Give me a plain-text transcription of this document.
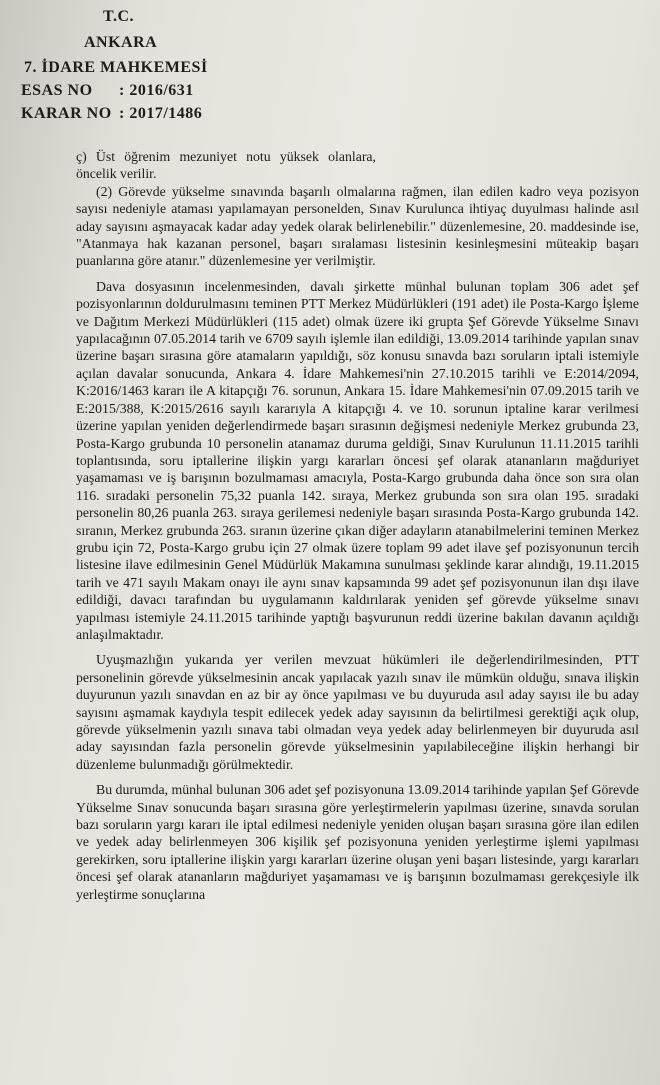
T.C.
ANKARA
7. İDARE MAHKEMESİ
ESAS NO	: 2016/631
KARAR NO : 2017/1486

ç) Üst öğrenim mezuniyet notu yüksek olanlara, öncelik verilir.

(2) Görevde yükselme sınavında başarılı olmalarına rağmen, ilan edilen kadro veya pozisyon sayısı nedeniyle ataması yapılamayan personelden, Sınav Kurulunca ihtiyaç duyulması halinde asıl aday sayısını aşmayacak kadar aday yedek olarak belirlenebilir." düzenlemesine, 20. maddesinde ise, "Atanmaya hak kazanan personel, başarı sıralaması listesinin kesinleşmesini müteakip başarı puanlarına göre atanır." düzenlemesine yer verilmiştir.

Dava dosyasının incelenmesinden, davalı şirkette münhal bulunan toplam 306 adet şef pozisyonlarının doldurulmasını teminen PTT Merkez Müdürlükleri (191 adet) ile Posta-Kargo İşleme ve Dağıtım Merkezi Müdürlükleri (115 adet) olmak üzere iki grupta Şef Görevde Yükselme Sınavı yapılacağının 07.05.2014 tarih ve 6709 sayılı işlemle ilan edildiği, 13.09.2014 tarihinde yapılan sınav üzerine başarı sırasına göre atamaların yapıldığı, söz konusu sınavda bazı soruların iptali istemiyle açılan davalar sonucunda, Ankara 4. İdare Mahkemesi'nin 27.10.2015 tarihli ve E:2014/2094, K:2016/1463 kararı ile A kitapçığı 76. sorunun, Ankara 15. İdare Mahkemesi'nin 07.09.2015 tarih ve E:2015/388, K:2015/2616 sayılı kararıyla A kitapçığı 4. ve 10. sorunun iptaline karar verilmesi üzerine yapılan yeniden değerlendirmede başarı sırasının değişmesi nedeniyle Merkez grubunda 23, Posta-Kargo grubunda 10 personelin atanamaz duruma geldiği, Sınav Kurulunun 11.11.2015 tarihli toplantısında, soru iptallerine ilişkin yargı kararları öncesi şef olarak atananların mağduriyet yaşamaması ve iş barışının bozulmaması amacıyla, Posta-Kargo grubunda daha önce son sıra olan 116. sıradaki personelin 75,32 puanla 142. sıraya, Merkez grubunda son sıra olan 195. sıradaki personelin 80,26 puanla 263. sıraya gerilemesi nedeniyle başarı sırasında Posta-Kargo grubunda 142. sıranın, Merkez grubunda 263. sıranın üzerine çıkan diğer adayların atanabilmelerini teminen Merkez grubu için 72, Posta-Kargo grubu için 27 olmak üzere toplam 99 adet ilave şef pozisyonunun tercih listesine ilave edilmesinin Genel Müdürlük Makamına sunulması şeklinde karar alındığı, 19.11.2015 tarih ve 471 sayılı Makam onayı ile aynı sınav kapsamında 99 adet şef pozisyonunun ilan dışı ilave edildiği, davacı tarafından bu uygulamanın kaldırılarak yeniden şef görevde yükselme sınavı yapılması istemiyle 24.11.2015 tarihinde yaptığı başvurunun reddi üzerine bakılan davanın açıldığı anlaşılmaktadır.

Uyuşmazlığın yukarıda yer verilen mevzuat hükümleri ile değerlendirilmesinden, PTT personelinin görevde yükselmesinin ancak yapılacak yazılı sınav ile mümkün olduğu, sınava ilişkin duyurunun yazılı sınavdan en az bir ay önce yapılması ve bu duyuruda asıl aday sayısı ile bu aday sayısını aşmamak kaydıyla tespit edilecek yedek aday sayısının da belirtilmesi gerektiği açık olup, görevde yükselmenin yazılı sınava tabi olmadan veya yedek aday belirlenmeyen bir duyuruda asıl aday sayısından fazla personelin görevde yükselmesinin yapılabileceğine ilişkin herhangi bir düzenleme bulunmadığı görülmektedir.

Bu durumda, münhal bulunan 306 adet şef pozisyonuna 13.09.2014 tarihinde yapılan Şef Görevde Yükselme Sınav sonucunda başarı sırasına göre yerleştirmelerin yapılması üzerine, sınavda sorulan bazı soruların yargı kararı ile iptal edilmesi nedeniyle yeniden oluşan başarı sırasına göre ilan edilen ve yedek aday belirlenmeyen 306 kişilik şef pozisyonuna yeniden yerleştirme işlemi yapılması gerekirken, soru iptallerine ilişkin yargı kararları üzerine oluşan yeni başarı listesinde, yargı kararları öncesi şef olarak atananların mağduriyet yaşamaması ve iş barışının bozulmaması gerekçesiyle ilk yerleştirme sonuçlarına
